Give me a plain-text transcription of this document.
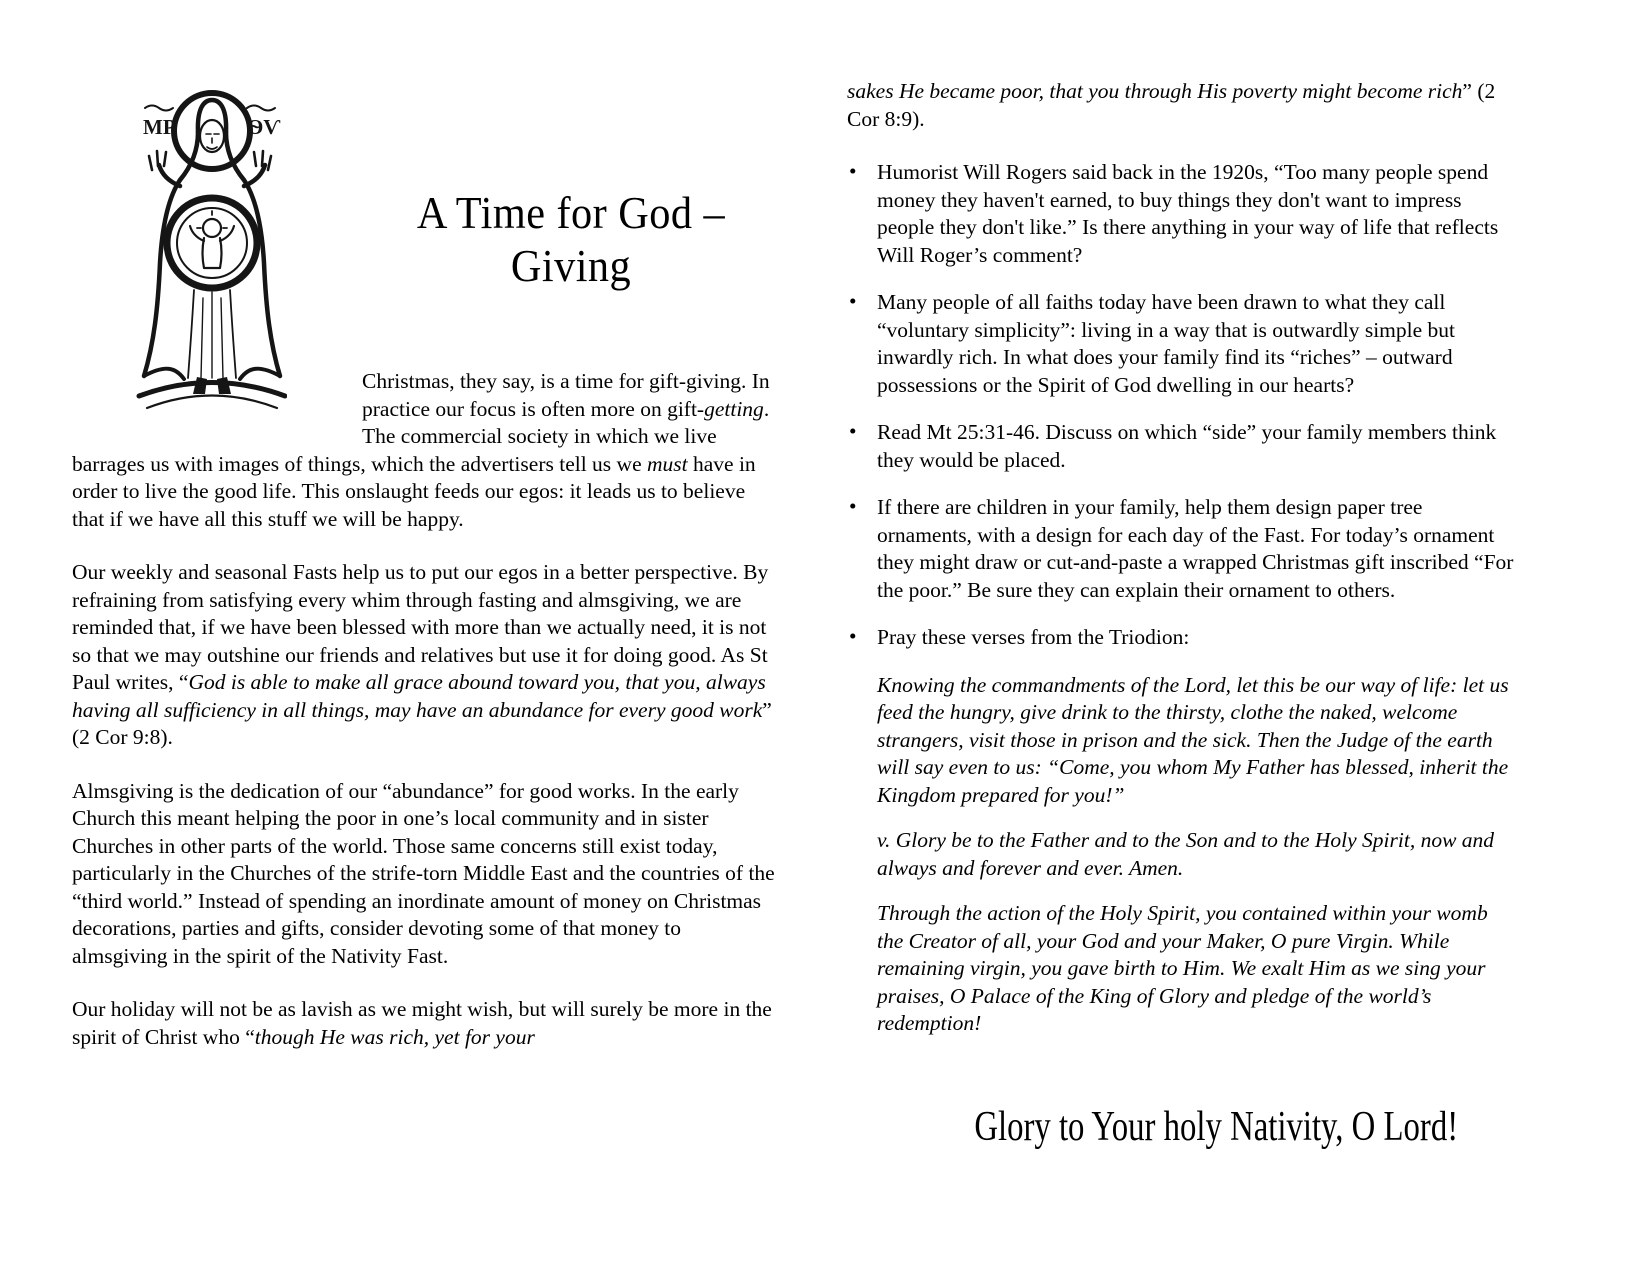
МР	ѲѴ
A Time for God –
Giving

Christmas, they say, is a time for gift-giving. In practice our focus is often more on gift-getting. The commercial society in which we live barrages us with images of things, which the advertisers tell us we must have in order to live the good life. This onslaught feeds our egos: it leads us to believe that if we have all this stuff we will be happy.

Our weekly and seasonal Fasts help us to put our egos in a better perspective. By refraining from satisfying every whim through fasting and almsgiving, we are reminded that, if we have been blessed with more than we actually need, it is not so that we may outshine our friends and relatives but use it for doing good. As St Paul writes, “God is able to make all grace abound toward you, that you, always having all sufficiency in all things, may have an abundance for every good work” (2 Cor 9:8).

Almsgiving is the dedication of our “abundance” for good works. In the early Church this meant helping the poor in one’s local community and in sister Churches in other parts of the world. Those same concerns still exist today, particularly in the Churches of the strife-torn Middle East and the countries of the “third world.” Instead of spending an inordinate amount of money on Christmas decorations, parties and gifts, consider devoting some of that money to almsgiving in the spirit of the Nativity Fast.

Our holiday will not be as lavish as we might wish, but will surely be more in the spirit of Christ who “though He was rich, yet for your

sakes He became poor, that you through His poverty might become rich” (2 Cor 8:9).

• Humorist Will Rogers said back in the 1920s, “Too many people spend money they haven't earned, to buy things they don't want to impress people they don't like.” Is there anything in your way of life that reflects Will Roger’s comment?
• Many people of all faiths today have been drawn to what they call “voluntary simplicity”: living in a way that is outwardly simple but inwardly rich. In what does your family find its “riches” – outward possessions or the Spirit of God dwelling in our hearts?
• Read Mt 25:31-46. Discuss on which “side” your family members think they would be placed.
• If there are children in your family, help them design paper tree ornaments, with a design for each day of the Fast. For today’s ornament they might draw or cut-and-paste a wrapped Christmas gift inscribed “For the poor.” Be sure they can explain their ornament to others.
• Pray these verses from the Triodion:

Knowing the commandments of the Lord, let this be our way of life: let us feed the hungry, give drink to the thirsty, clothe the naked, welcome strangers, visit those in prison and the sick. Then the Judge of the earth will say even to us: “Come, you whom My Father has blessed, inherit the Kingdom prepared for you!”

v. Glory be to the Father and to the Son and to the Holy Spirit, now and always and forever and ever. Amen.

Through the action of the Holy Spirit, you contained within your womb the Creator of all, your God and your Maker, O pure Virgin. While remaining virgin, you gave birth to Him. We exalt Him as we sing your praises, O Palace of the King of Glory and pledge of the world’s redemption!

Glory to Your holy Nativity, O Lord!
